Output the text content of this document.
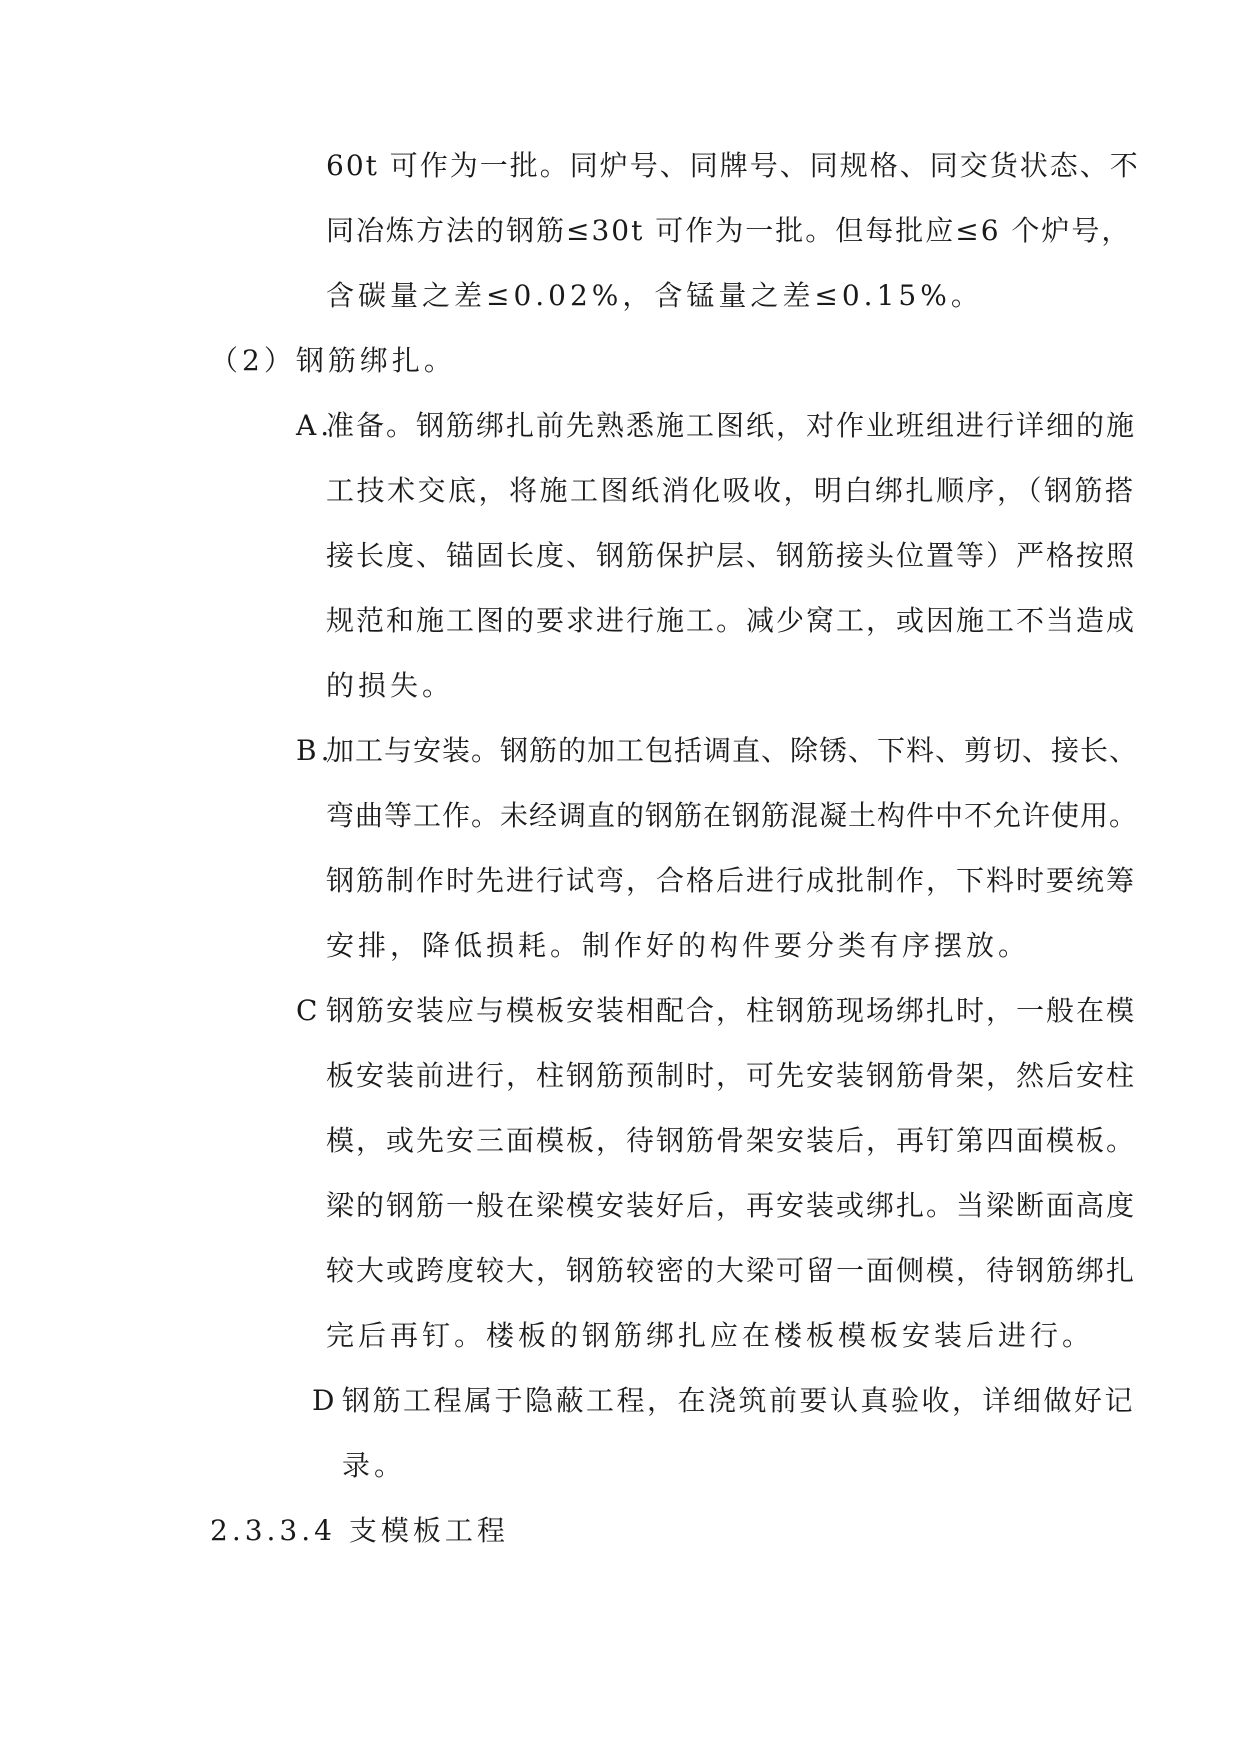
60t 可作为一批。同炉号、同牌号、同规格、同交货状态、不
同冶炼方法的钢筋≤30t 可作为一批。但每批应≤6 个炉号，
含碳量之差≤0.02%，含锰量之差≤0.15%。
（2）钢筋绑扎。
A.
准备。钢筋绑扎前先熟悉施工图纸，对作业班组进行详细的施
工技术交底，将施工图纸消化吸收，明白绑扎顺序，（钢筋搭
接长度、锚固长度、钢筋保护层、钢筋接头位置等）严格按照
规范和施工图的要求进行施工。减少窝工，或因施工不当造成
的损失。
B.
加工与安装。钢筋的加工包括调直、除锈、下料、剪切、接长、
弯曲等工作。未经调直的钢筋在钢筋混凝土构件中不允许使用。
钢筋制作时先进行试弯，合格后进行成批制作，下料时要统筹
安排，降低损耗。制作好的构件要分类有序摆放。
C 钢筋安装应与模板安装相配合，柱钢筋现场绑扎时，一般在模
板安装前进行，柱钢筋预制时，可先安装钢筋骨架，然后安柱
模，或先安三面模板，待钢筋骨架安装后，再钉第四面模板。
梁的钢筋一般在梁模安装好后，再安装或绑扎。当梁断面高度
较大或跨度较大，钢筋较密的大梁可留一面侧模，待钢筋绑扎
完后再钉。楼板的钢筋绑扎应在楼板模板安装后进行。
D 钢筋工程属于隐蔽工程，在浇筑前要认真验收，详细做好记
录。
2.3.3.4 支模板工程
